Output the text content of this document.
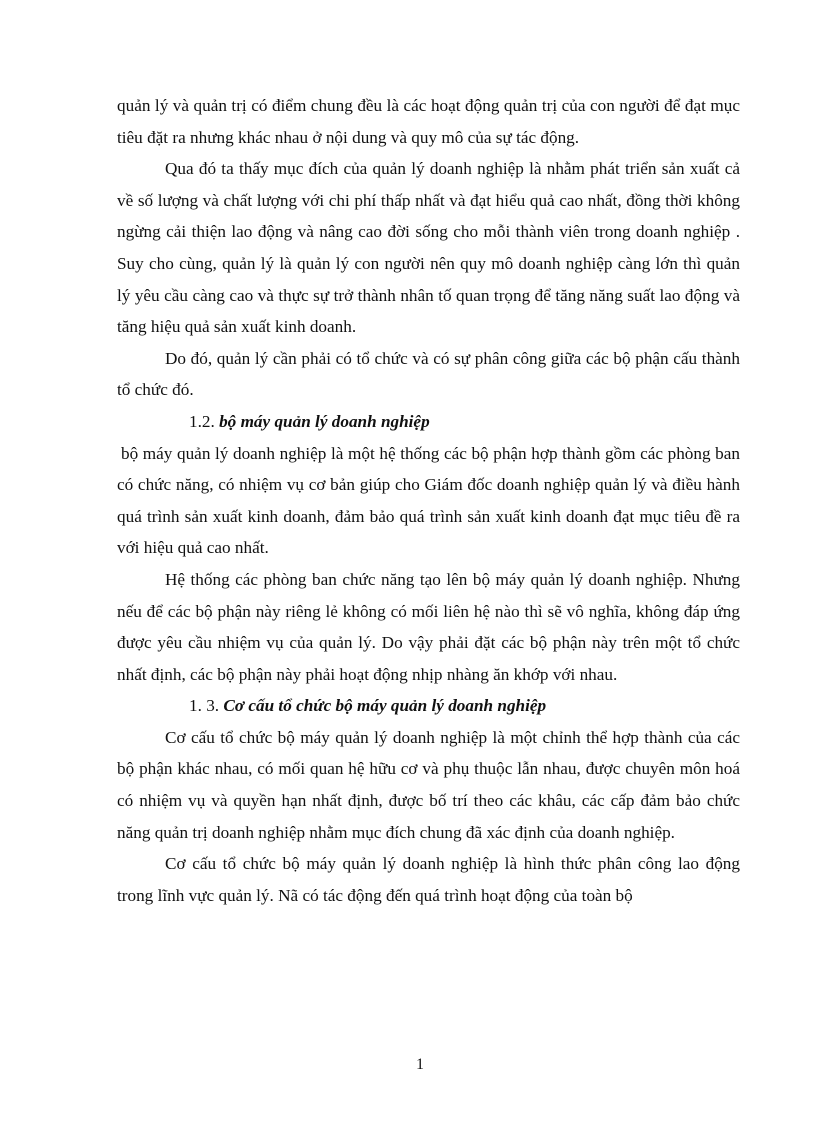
quản lý và quản trị có điểm chung đều là các hoạt động quản trị của con người để đạt mục tiêu đặt ra nhưng khác nhau ở nội dung và quy mô của sự tác động.

Qua đó ta thấy mục đích của quản lý doanh nghiệp là nhằm phát triển sản xuất cả về số lượng và chất lượng với chi phí thấp nhất và đạt hiểu quả cao nhất, đồng thời không ngừng cải thiện lao động và nâng cao đời sống cho mỗi thành viên trong doanh nghiệp . Suy cho cùng, quản lý là quản lý con người nên quy mô doanh nghiệp càng lớn thì quản lý yêu cầu càng cao và thực sự trở thành nhân tố quan trọng để tăng năng suất lao động và tăng hiệu quả sản xuất kinh doanh.

Do đó, quản lý cần phải có tổ chức và có sự phân công giữa các bộ phận cấu thành tổ chức đó.

1.2. bộ máy quản lý doanh nghiệp

bộ máy quản lý doanh nghiệp là một hệ thống các bộ phận hợp thành gồm các phòng ban có chức năng, có nhiệm vụ cơ bản giúp cho Giám đốc doanh nghiệp quản lý và điều hành quá trình sản xuất kinh doanh, đảm bảo quá trình sản xuất kinh doanh đạt mục tiêu đề ra với hiệu quả cao nhất.

Hệ thống các phòng ban chức năng tạo lên bộ máy quản lý doanh nghiệp. Nhưng nếu để các bộ phận này riêng lẻ không có mối liên hệ nào thì sẽ vô nghĩa, không đáp ứng được yêu cầu nhiệm vụ của quản lý. Do vậy phải đặt các bộ phận này trên một tổ chức nhất định, các bộ phận này phải hoạt động nhịp nhàng ăn khớp với nhau.

1. 3. Cơ cấu tổ chức bộ máy quản lý doanh nghiệp

Cơ cấu tổ chức bộ máy quản lý doanh nghiệp là một chỉnh thể hợp thành của các bộ phận khác nhau, có mối quan hệ hữu cơ và phụ thuộc lẫn nhau, được chuyên môn hoá có nhiệm vụ và quyền hạn nhất định, được bố trí theo các khâu, các cấp đảm bảo chức năng quản trị doanh nghiệp nhằm mục đích chung đã xác định của doanh nghiệp.

Cơ cấu tổ chức bộ máy quản lý doanh nghiệp là hình thức phân công lao động trong lĩnh vực quản lý. Nã có tác động đến quá trình hoạt động của toàn bộ

1
